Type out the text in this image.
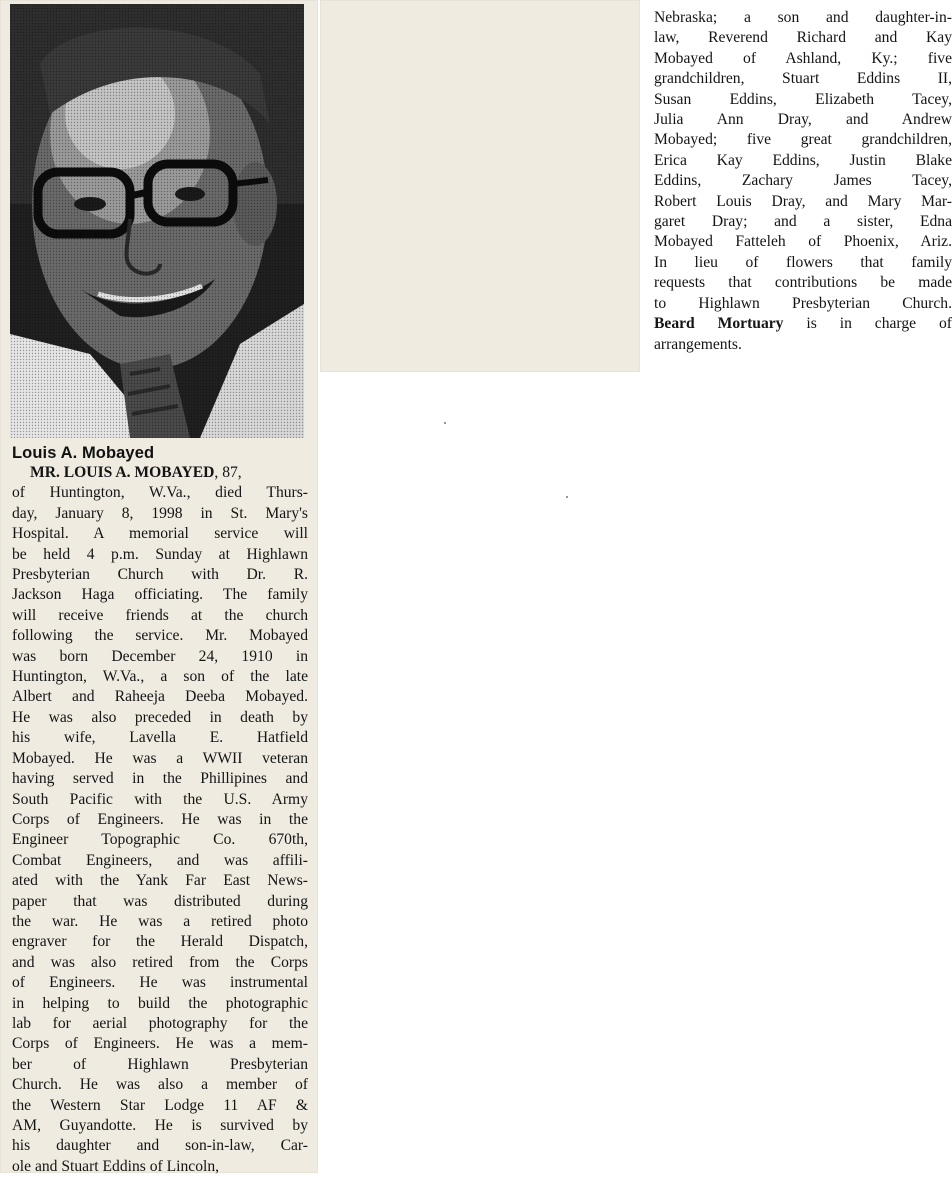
Louis A. Mobayed
MR. LOUIS A. MOBAYED, 87,
of Huntington, W.Va., died Thurs-
day, January 8, 1998 in St. Mary's
Hospital. A memorial service will
be held 4 p.m. Sunday at Highlawn
Presbyterian Church with Dr. R.
Jackson Haga officiating. The family
will receive friends at the church
following the service. Mr. Mobayed
was born December 24, 1910 in
Huntington, W.Va., a son of the late
Albert and Raheeja Deeba Mobayed.
He was also preceded in death by
his wife, Lavella E. Hatfield
Mobayed. He was a WWII veteran
having served in the Phillipines and
South Pacific with the U.S. Army
Corps of Engineers. He was in the
Engineer Topographic Co. 670th,
Combat Engineers, and was affili-
ated with the Yank Far East News-
paper that was distributed during
the war. He was a retired photo
engraver for the Herald Dispatch,
and was also retired from the Corps
of Engineers. He was instrumental
in helping to build the photographic
lab for aerial photography for the
Corps of Engineers. He was a mem-
ber of Highlawn Presbyterian
Church. He was also a member of
the Western Star Lodge 11 AF &
AM, Guyandotte. He is survived by
his daughter and son-in-law, Car-
ole and Stuart Eddins of Lincoln,
Nebraska; a son and daughter-in-
law, Reverend Richard and Kay
Mobayed of Ashland, Ky.; five
grandchildren, Stuart Eddins II,
Susan Eddins, Elizabeth Tacey,
Julia Ann Dray, and Andrew
Mobayed; five great grandchildren,
Erica Kay Eddins, Justin Blake
Eddins, Zachary James Tacey,
Robert Louis Dray, and Mary Mar-
garet Dray; and a sister, Edna
Mobayed Fatteleh of Phoenix, Ariz.
In lieu of flowers that family
requests that contributions be made
to Highlawn Presbyterian Church.
Beard Mortuary is in charge of
arrangements.
